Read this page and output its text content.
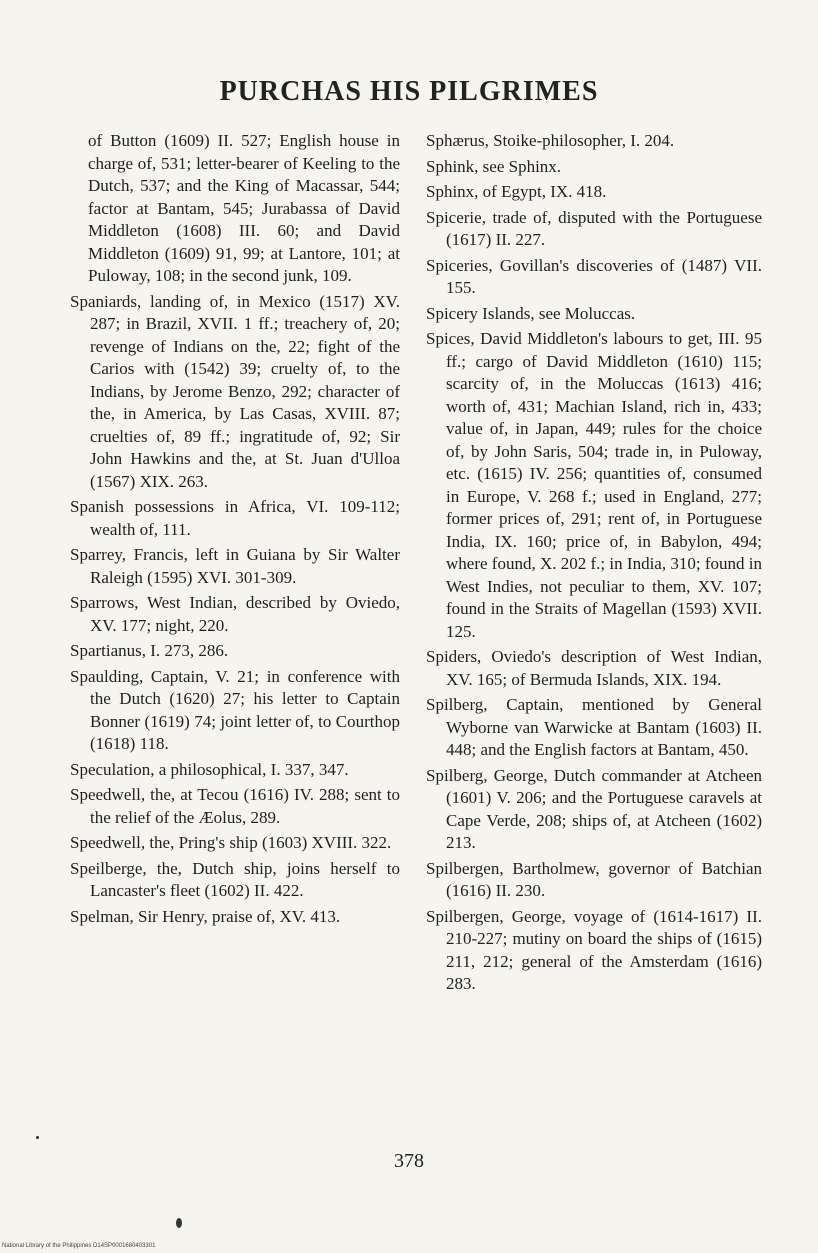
PURCHAS HIS PILGRIMES

of Button (1609) II. 527; English house in charge of, 531; letter-bearer of Keeling to the Dutch, 537; and the King of Macassar, 544; factor at Bantam, 545; Jurabassa of David Middleton (1608) III. 60; and David Middleton (1609) 91, 99; at Lantore, 101; at Puloway, 108; in the second junk, 109.

Spaniards, landing of, in Mexico (1517) XV. 287; in Brazil, XVII. 1 ff.; treachery of, 20; revenge of Indians on the, 22; fight of the Carios with (1542) 39; cruelty of, to the Indians, by Jerome Benzo, 292; character of the, in America, by Las Casas, XVIII. 87; cruelties of, 89 ff.; ingratitude of, 92; Sir John Hawkins and the, at St. Juan d'Ulloa (1567) XIX. 263.

Spanish possessions in Africa, VI. 109-112; wealth of, 111.

Sparrey, Francis, left in Guiana by Sir Walter Raleigh (1595) XVI. 301-309.

Sparrows, West Indian, described by Oviedo, XV. 177; night, 220.

Spartianus, I. 273, 286.

Spaulding, Captain, V. 21; in conference with the Dutch (1620) 27; his letter to Captain Bonner (1619) 74; joint letter of, to Courthop (1618) 118.

Speculation, a philosophical, I. 337, 347.

Speedwell, the, at Tecou (1616) IV. 288; sent to the relief of the Æolus, 289.

Speedwell, the, Pring's ship (1603) XVIII. 322.

Speilberge, the, Dutch ship, joins herself to Lancaster's fleet (1602) II. 422.

Spelman, Sir Henry, praise of, XV. 413.

Sphærus, Stoike-philosopher, I. 204.

Sphink, see Sphinx.

Sphinx, of Egypt, IX. 418.

Spicerie, trade of, disputed with the Portuguese (1617) II. 227.

Spiceries, Govillan's discoveries of (1487) VII. 155.

Spicery Islands, see Moluccas.

Spices, David Middleton's labours to get, III. 95 ff.; cargo of David Middleton (1610) 115; scarcity of, in the Moluccas (1613) 416; worth of, 431; Machian Island, rich in, 433; value of, in Japan, 449; rules for the choice of, by John Saris, 504; trade in, in Puloway, etc. (1615) IV. 256; quantities of, consumed in Europe, V. 268 f.; used in England, 277; former prices of, 291; rent of, in Portuguese India, IX. 160; price of, in Babylon, 494; where found, X. 202 f.; in India, 310; found in West Indies, not peculiar to them, XV. 107; found in the Straits of Magellan (1593) XVII. 125.

Spiders, Oviedo's description of West Indian, XV. 165; of Bermuda Islands, XIX. 194.

Spilberg, Captain, mentioned by General Wyborne van Warwicke at Bantam (1603) II. 448; and the English factors at Bantam, 450.

Spilberg, George, Dutch commander at Atcheen (1601) V. 206; and the Portuguese caravels at Cape Verde, 208; ships of, at Atcheen (1602) 213.

Spilbergen, Bartholmew, governor of Batchian (1616) II. 230.

Spilbergen, George, voyage of (1614-1617) II. 210-227; mutiny on board the ships of (1615) 211, 212; general of the Amsterdam (1616) 283.

378
National Library of the Philippines D14SP0001680403301
